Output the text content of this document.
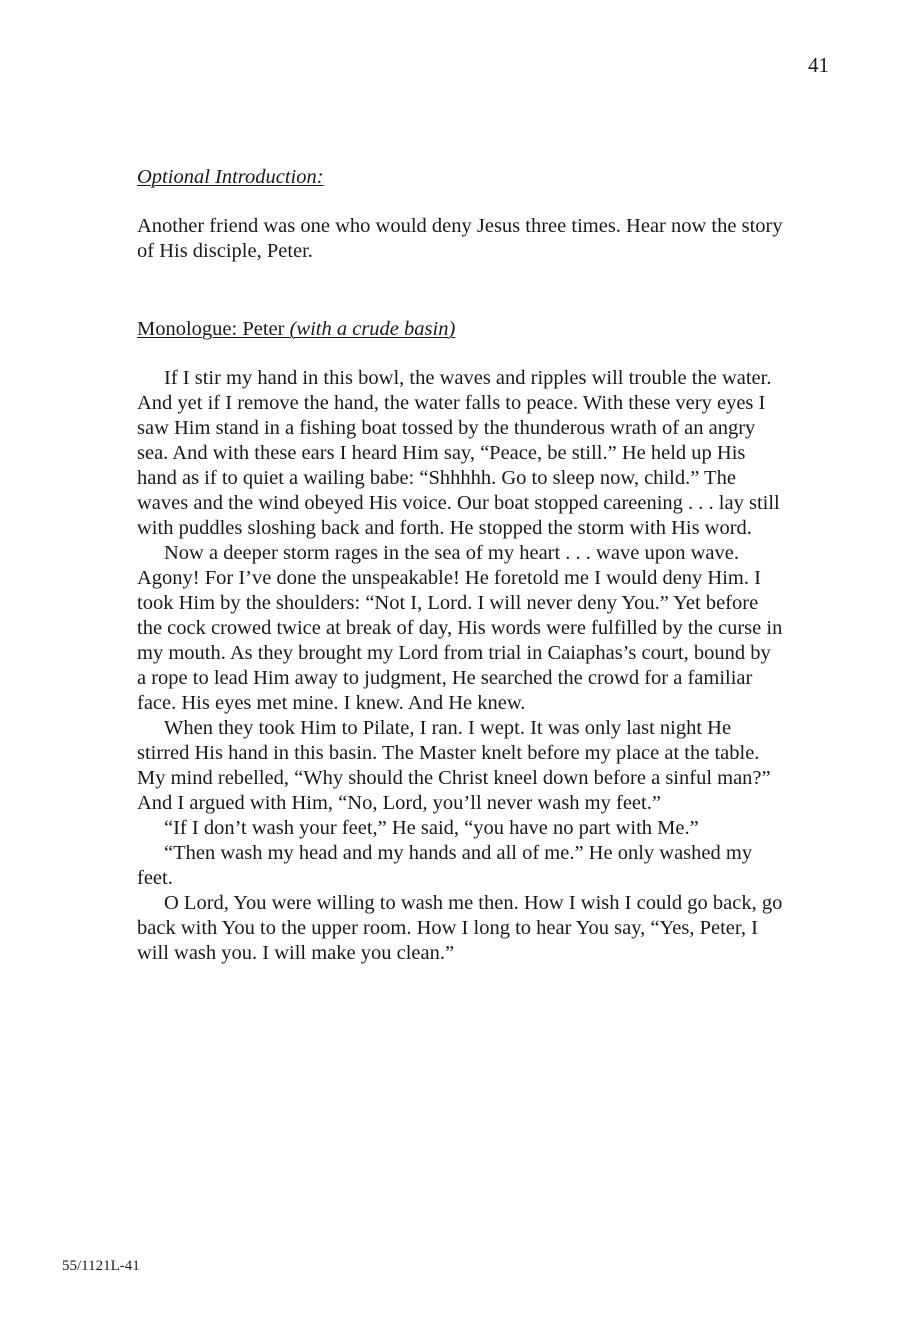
41
Optional Introduction:

Another friend was one who would deny Jesus three times. Hear now the story of His disciple, Peter.

Monologue: Peter (with a crude basin)

If I stir my hand in this bowl, the waves and ripples will trouble the water. And yet if I remove the hand, the water falls to peace. With these very eyes I saw Him stand in a fishing boat tossed by the thunderous wrath of an angry sea. And with these ears I heard Him say, “Peace, be still.” He held up His hand as if to quiet a wailing babe: “Shhhhh. Go to sleep now, child.” The waves and the wind obeyed His voice. Our boat stopped careening . . . lay still with puddles sloshing back and forth. He stopped the storm with His word.

Now a deeper storm rages in the sea of my heart . . . wave upon wave. Agony! For I’ve done the unspeakable! He foretold me I would deny Him. I took Him by the shoulders: “Not I, Lord. I will never deny You.” Yet before the cock crowed twice at break of day, His words were fulfilled by the curse in my mouth. As they brought my Lord from trial in Caiaphas’s court, bound by a rope to lead Him away to judgment, He searched the crowd for a familiar face. His eyes met mine. I knew. And He knew.

When they took Him to Pilate, I ran. I wept. It was only last night He stirred His hand in this basin. The Master knelt before my place at the table. My mind rebelled, “Why should the Christ kneel down before a sinful man?” And I argued with Him, “No, Lord, you’ll never wash my feet.”

“If I don’t wash your feet,” He said, “you have no part with Me.”

“Then wash my head and my hands and all of me.” He only washed my feet.

O Lord, You were willing to wash me then. How I wish I could go back, go back with You to the upper room. How I long to hear You say, “Yes, Peter, I will wash you. I will make you clean.”

55/1121L-41
